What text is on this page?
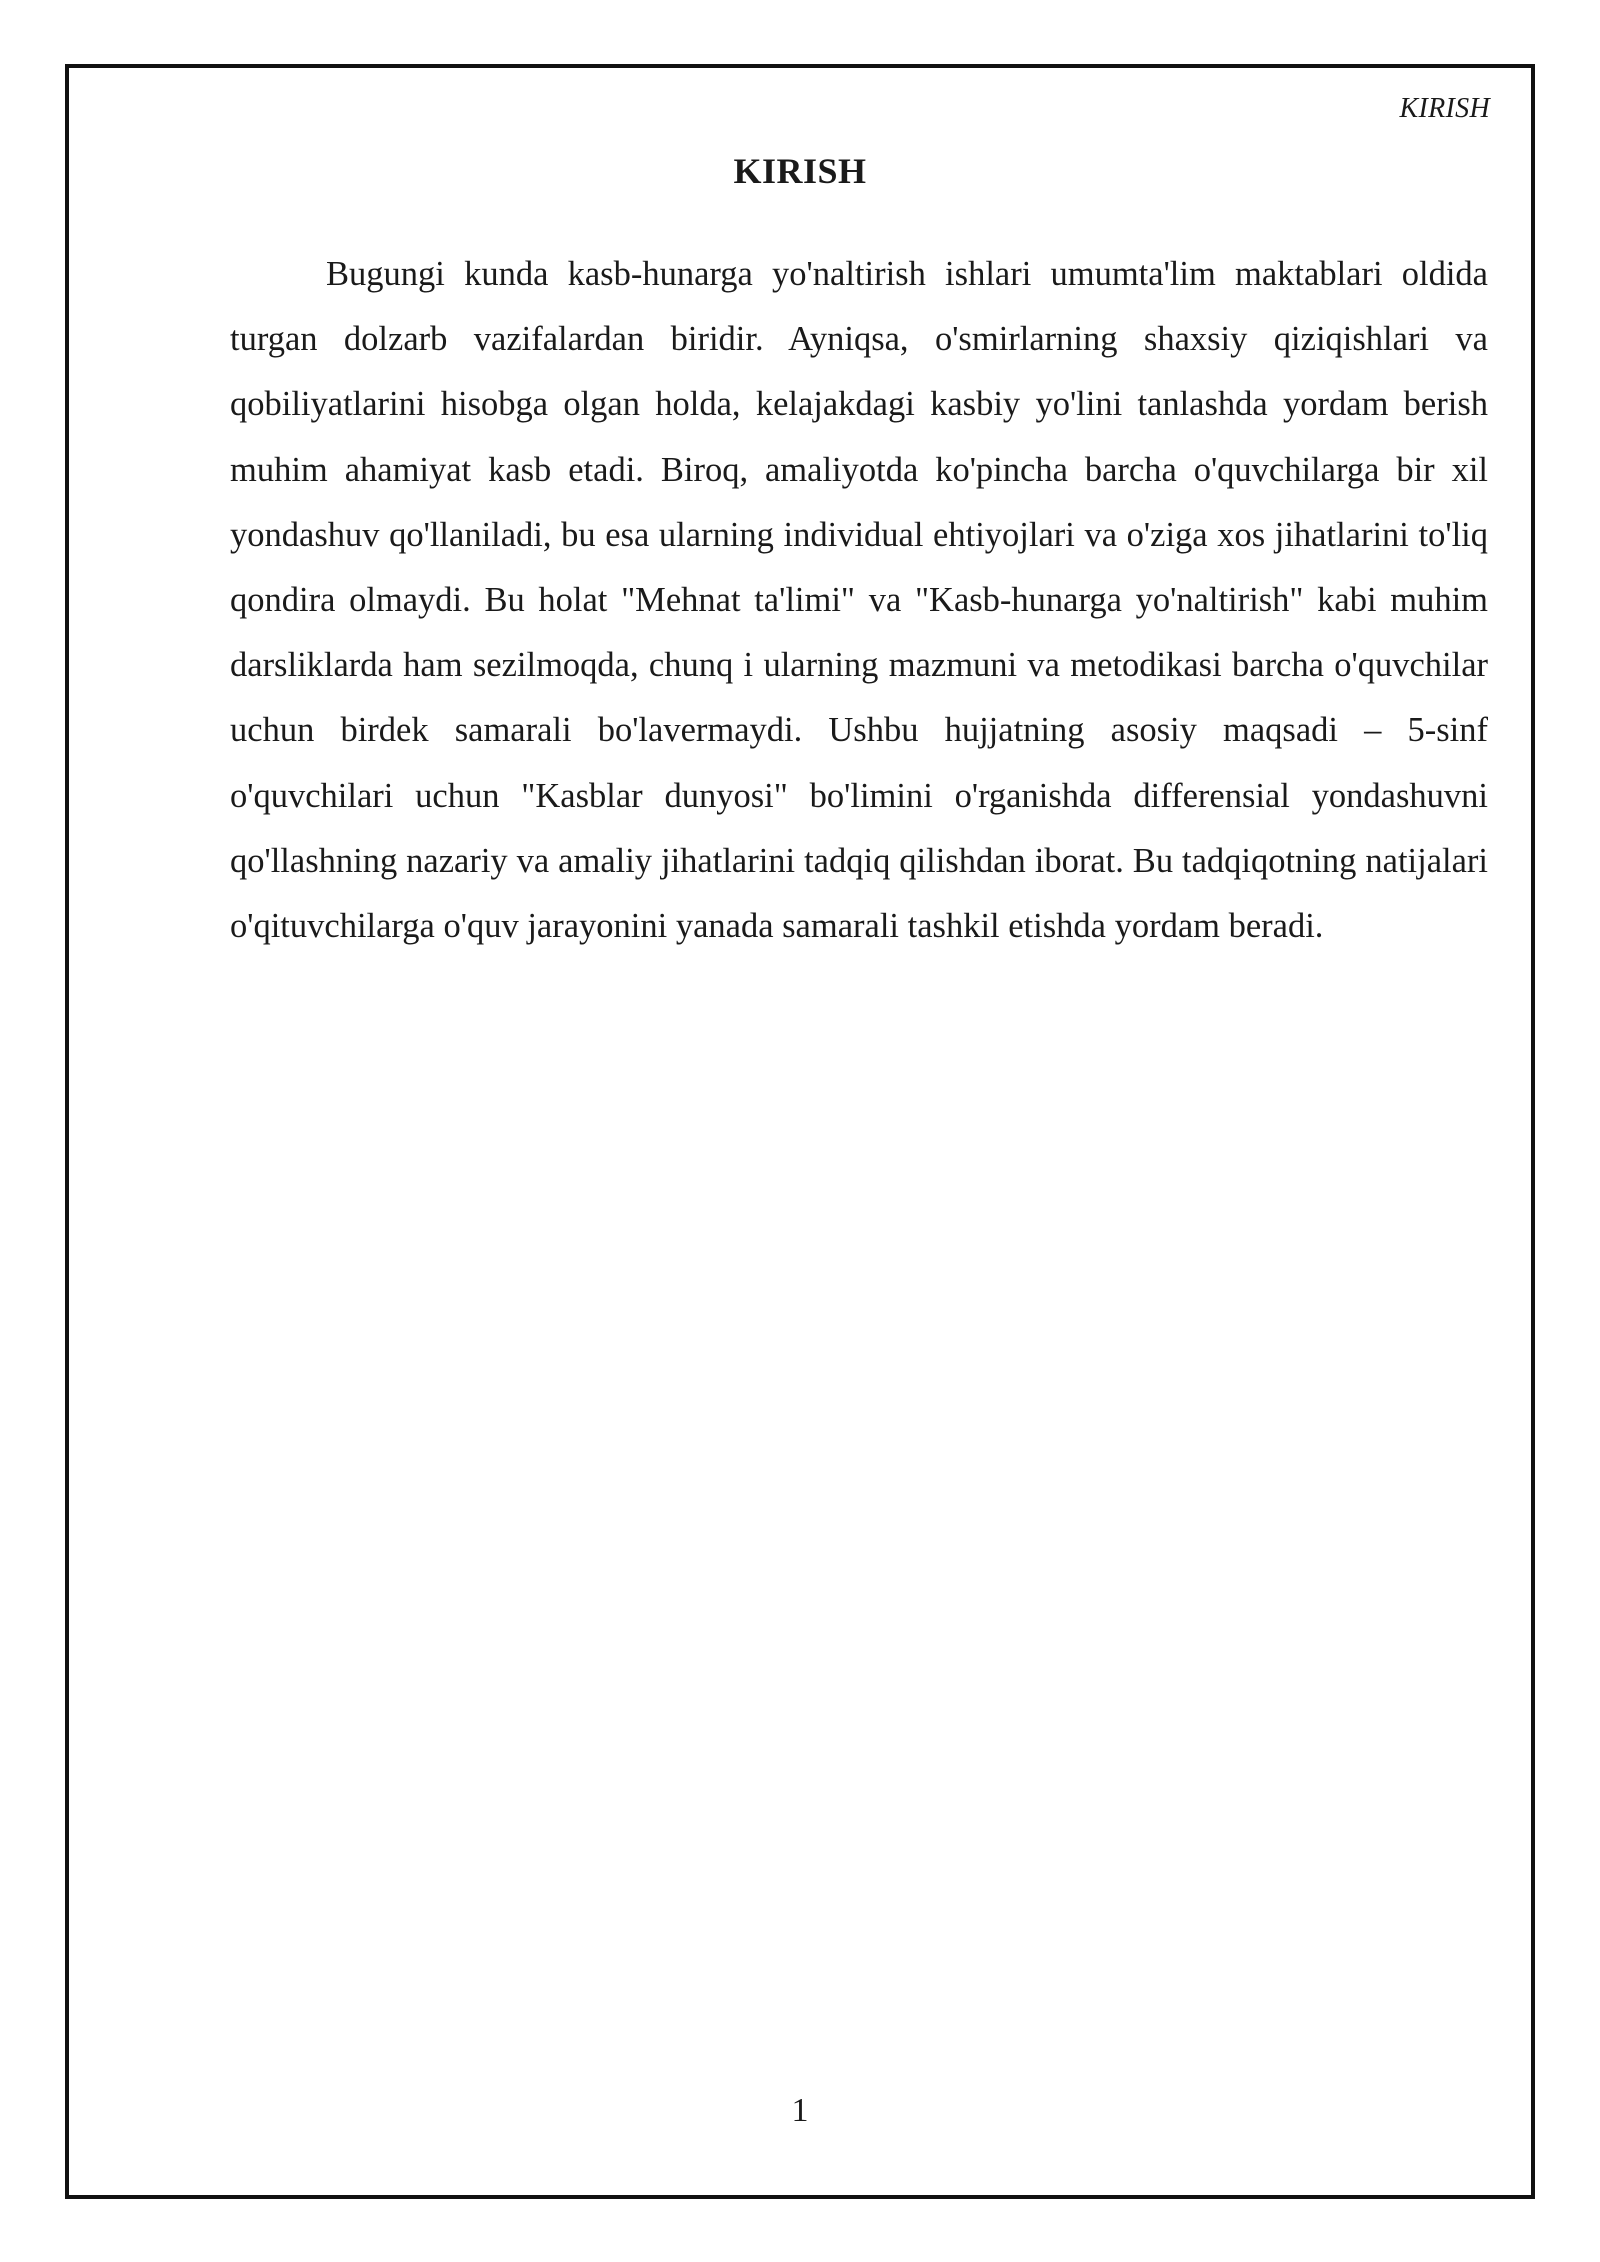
KIRISH
KIRISH

Bugungi kunda kasb-hunarga yo'naltirish ishlari umumta'lim maktablari oldida turgan dolzarb vazifalardan biridir. Ayniqsa, o'smirlarning shaxsiy qiziqishlari va qobiliyatlarini hisobga olgan holda, kelajakdagi kasbiy yo'lini tanlashda yordam berish muhim ahamiyat kasb etadi. Biroq, amaliyotda ko'pincha barcha o'quvchilarga bir xil yondashuv qo'llaniladi, bu esa ularning individual ehtiyojlari va o'ziga xos jihatlarini to'liq qondira olmaydi. Bu holat "Mehnat ta'limi" va "Kasb-hunarga yo'naltirish" kabi muhim darsliklarda ham sezilmoqda, chunq i ularning mazmuni va metodikasi barcha o'quvchilar uchun birdek samarali bo'lavermaydi. Ushbu hujjatning asosiy maqsadi – 5-sinf o'quvchilari uchun "Kasblar dunyosi" bo'limini o'rganishda differensial yondashuvni qo'llashning nazariy va amaliy jihatlarini tadqiq qilishdan iborat. Bu tadqiqotning natijalari o'qituvchilarga o'quv jarayonini yanada samarali tashkil etishda yordam beradi.

1
